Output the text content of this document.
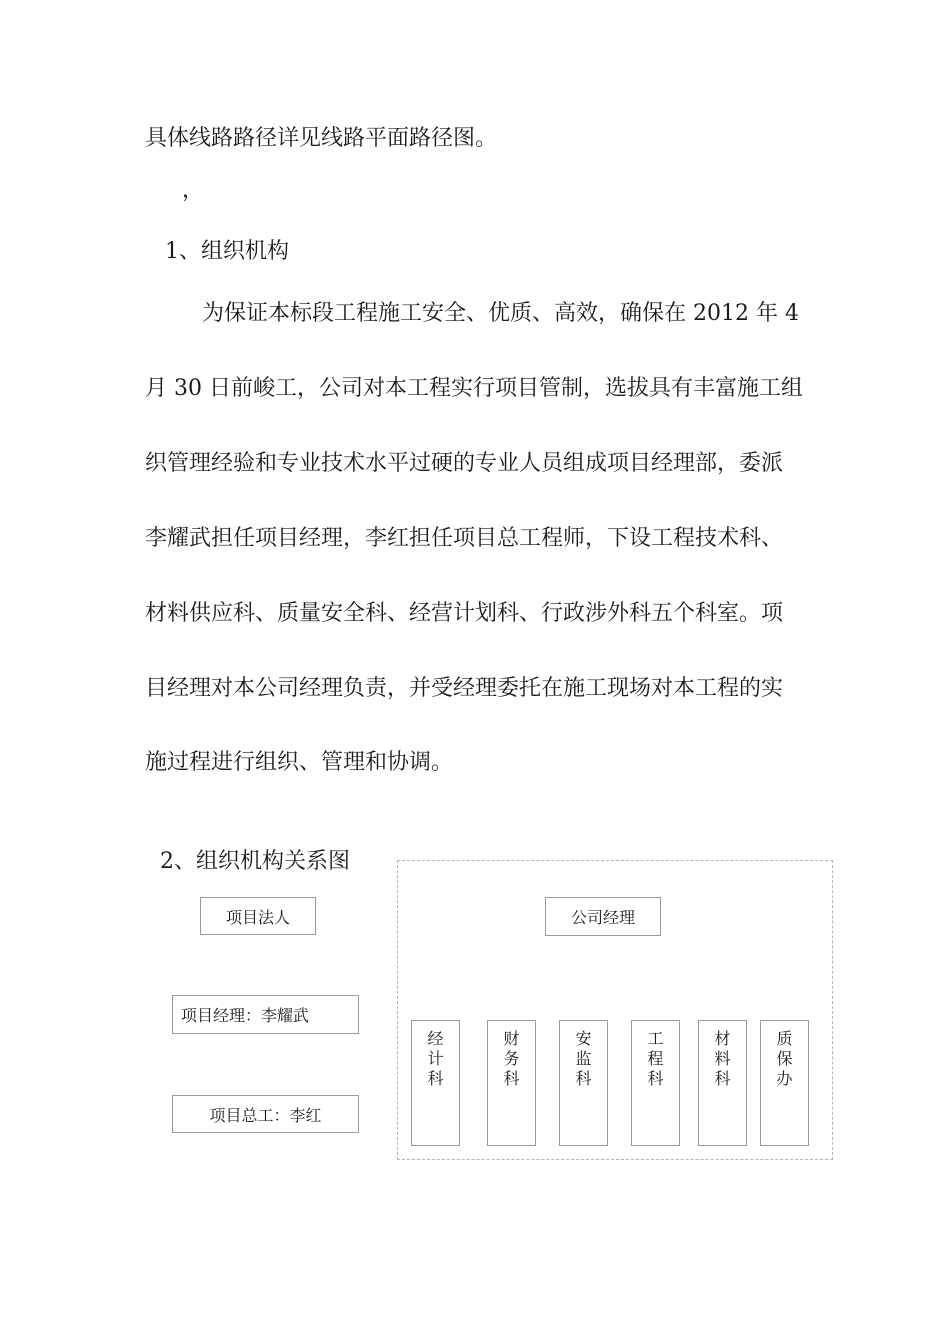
具体线路路径详见线路平面路径图。
，
1、组织机构
为保证本标段工程施工安全、优质、高效，确保在 2012 年 4
月 30 日前峻工，公司对本工程实行项目管制，选拔具有丰富施工组
织管理经验和专业技术水平过硬的专业人员组成项目经理部，委派
李耀武担任项目经理，李红担任项目总工程师，下设工程技术科、
材料供应科、质量安全科、经营计划科、行政涉外科五个科室。项
目经理对本公司经理负责，并受经理委托在施工现场对本工程的实
施过程进行组织、管理和协调。
2、组织机构关系图
项目法人
项目经理：李耀武
项目总工：李红
公司经理
经
计
科
财
务
科
安
监
科
工
程
科
材
料
科
质
保
办
